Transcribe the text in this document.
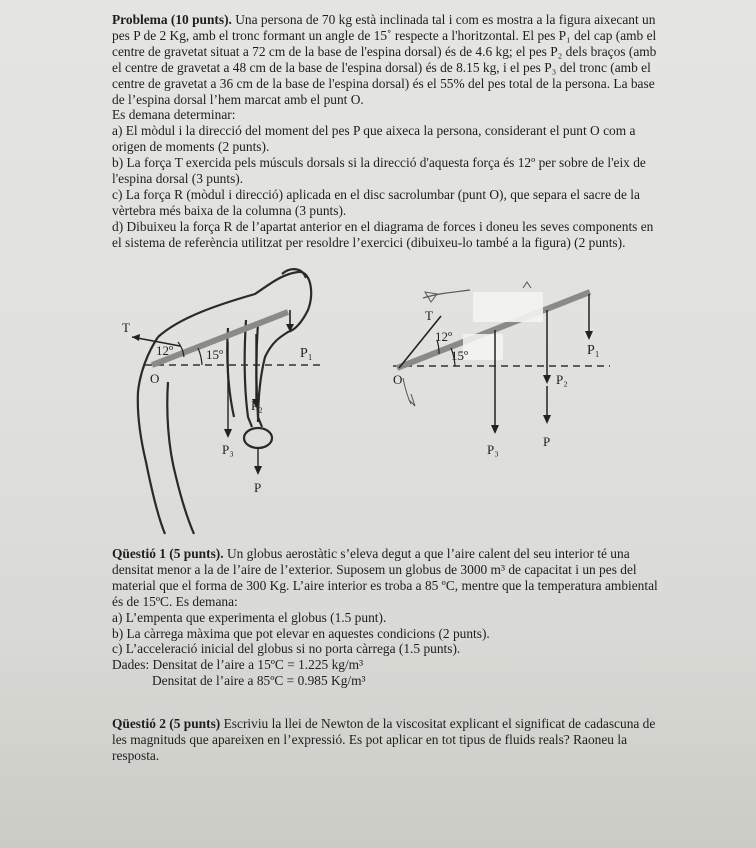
Problema (10 punts). Una persona de 70 kg està inclinada tal i com es mostra a la figura aixecant un pes P de 2 Kg, amb el tronc formant un angle de 15˚ respecte a l'horitzontal. El pes P₁ del cap (amb el centre de gravetat situat a 72 cm de la base de l'espina dorsal) és de 4.6 kg; el pes P₂ dels braços (amb el centre de gravetat a 48 cm de la base de l'espina dorsal) és de 8.15 kg, i el pes P₃ del tronc (amb el centre de gravetat a 36 cm de la base de l'espina dorsal) és el 55% del pes total de la persona. La base de l’espina dorsal l’hem marcat amb el punt O.

Es demana determinar:

a) El mòdul i la direcció del moment del pes P que aixeca la persona, considerant el punt O com a origen de moments (2 punts).

b) La força T exercida pels músculs dorsals si la direcció d'aquesta força és 12º per sobre de l'eix de l'espina dorsal (3 punts).

c) La força R (mòdul i direcció) aplicada en el disc sacrolumbar (punt O), que separa el sacre de la vèrtebra més baixa de la columna (3 punts).

d) Dibuixeu la força R de l’apartat anterior en el diagrama de forces i doneu les seves components en el sistema de referència utilitzat per resoldre l’exercici (dibuixeu-lo també a la figura) (2 punts).

T
12º	15º
O
P₁
P₂
P₃
P
T
12º
15º
O
P₁
P₂
P₃
P

Qüestió 1 (5 punts). Un globus aerostàtic s’eleva degut a que l’aire calent del seu interior té una densitat menor a la de l’aire de l’exterior. Suposem un globus de 3000 m³ de capacitat i un pes del material que el forma de 300 Kg. L’aire interior es troba a 85 ºC, mentre que la temperatura ambiental és de 15ºC. Es demana:

a) L’empenta que experimenta el globus (1.5 punt).

b) La càrrega màxima que pot elevar en aquestes condicions (2 punts).

c) L’acceleració inicial del globus si no porta càrrega (1.5 punts).

Dades: Densitat de l’aire a 15ºC = 1.225 kg/m³

Densitat de l’aire a 85ºC = 0.985 Kg/m³

Qüestió 2 (5 punts) Escriviu la llei de Newton de la viscositat explicant el significat de cadascuna de les magnituds que apareixen en l’expressió. Es pot aplicar en tot tipus de fluids reals? Raoneu la resposta.
